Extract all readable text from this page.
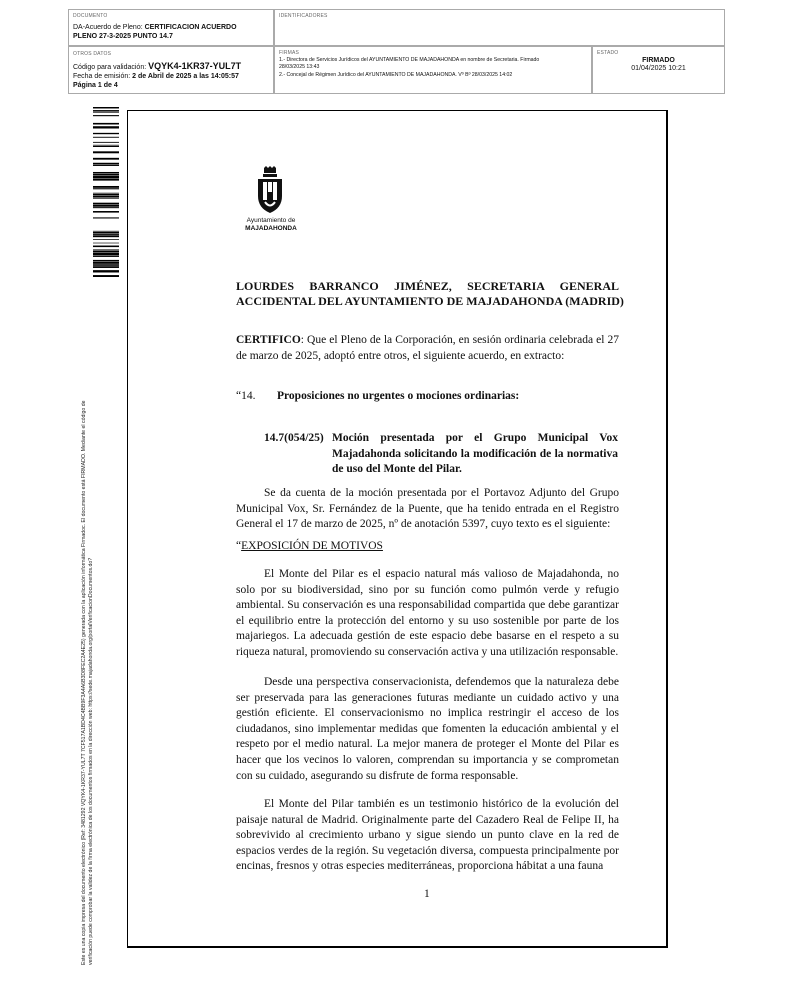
DOCUMENTO
DA-Acuerdo de Pleno: CERTIFICACION ACUERDO
PLENO 27-3-2025 PUNTO 14.7
IDENTIFICADORES
OTROS DATOS
Código para validación: VQYK4-1KR37-YUL7T
Fecha de emisión: 2 de Abril de 2025 a las 14:05:57
Página 1 de 4
FIRMAS
1.- Directora de Servicios Jurídicos del AYUNTAMIENTO DE MAJADAHONDA en nombre de Secretaria. Firmado
28/03/2025 13:43
2.- Concejal de Régimen Jurídico del AYUNTAMIENTO DE MAJADAHONDA. Vº Bº 28/03/2025 14:02
ESTADO
FIRMADO
01/04/2025 10:21
Este es una copia impresa del documento electrónico (Ref: 3481292 VQYK4-1KR37-YUL7T 7CF517A1BD4C4BB9F3A4A6B3D8FEC2A4E25) generada con la aplicación informática Firmadoc. El documento está FIRMADO. Mediante el código de verificación puede comprobar la validez de la firma electrónica de los documentos firmados en la dirección web: https://sede.majadahonda.org/portalVerificacionDocumentos.do?
Ayuntamiento de
MAJADAHONDA
LOURDES BARRANCO JIMÉNEZ, SECRETARIA GENERAL
ACCIDENTAL DEL AYUNTAMIENTO DE MAJADAHONDA (MADRID)
CERTIFICO: Que el Pleno de la Corporación, en sesión ordinaria celebrada el 27 de marzo de 2025, adoptó entre otros, el siguiente acuerdo, en extracto:
“14. Proposiciones no urgentes o mociones ordinarias:
14.7(054/25) Moción presentada por el Grupo Municipal Vox Majadahonda solicitando la modificación de la normativa de uso del Monte del Pilar.
Se da cuenta de la moción presentada por el Portavoz Adjunto del Grupo Municipal Vox, Sr. Fernández de la Puente, que ha tenido entrada en el Registro General el 17 de marzo de 2025, nº de anotación 5397, cuyo texto es el siguiente:
“EXPOSICIÓN DE MOTIVOS
El Monte del Pilar es el espacio natural más valioso de Majadahonda, no solo por su biodiversidad, sino por su función como pulmón verde y refugio ambiental. Su conservación es una responsabilidad compartida que debe garantizar el equilibrio entre la protección del entorno y su uso sostenible por parte de los majariegos. La adecuada gestión de este espacio debe basarse en el respeto a su riqueza natural, promoviendo su conservación activa y una utilización responsable.
Desde una perspectiva conservacionista, defendemos que la naturaleza debe ser preservada para las generaciones futuras mediante un cuidado activo y una gestión eficiente. El conservacionismo no implica restringir el acceso de los ciudadanos, sino implementar medidas que fomenten la educación ambiental y el respeto por el medio natural. La mejor manera de proteger el Monte del Pilar es hacer que los vecinos lo valoren, comprendan su importancia y se comprometan con su cuidado, asegurando su disfrute de forma responsable.
El Monte del Pilar también es un testimonio histórico de la evolución del paisaje natural de Madrid. Originalmente parte del Cazadero Real de Felipe II, ha sobrevivido al crecimiento urbano y sigue siendo un punto clave en la red de espacios verdes de la región. Su vegetación diversa, compuesta principalmente por encinas, fresnos y otras especies mediterráneas, proporciona hábitat a una fauna
1
